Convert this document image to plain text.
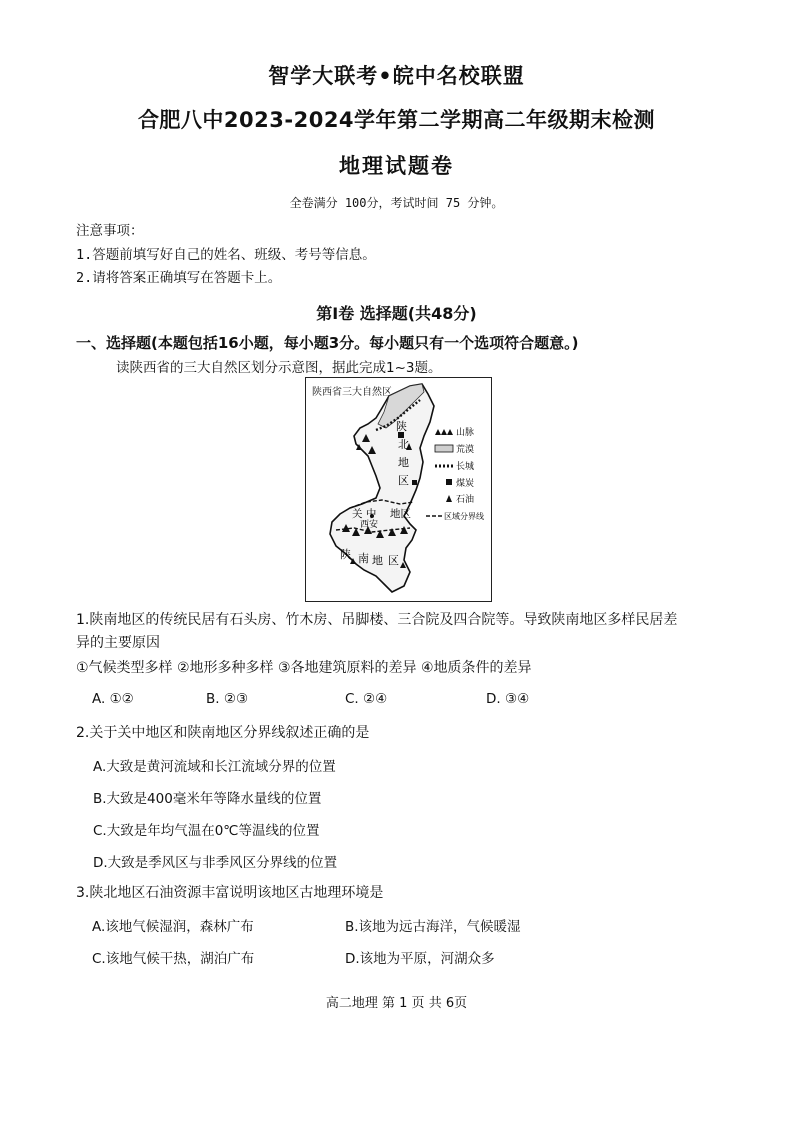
智学大联考•皖中名校联盟
合肥八中2023-2024学年第二学期高二年级期末检测
地理试题卷
全卷满分 100分，考试时间 75 分钟。
注意事项：
1.答题前填写好自己的姓名、班级、考号等信息。
2.请将答案正确填写在答题卡上。
第Ⅰ卷 选择题(共48分)
一、选择题(本题包括16小题，每小题3分。每小题只有一个选项符合题意。)
读陕西省的三大自然区划分示意图，据此完成1~3题。
陕西省三大自然区
陕
北
地
区
关 中 地区
西安
陕 南 地 区
山脉
荒漠
长城
煤炭
石油
区域分界线
1.陕南地区的传统民居有石头房、竹木房、吊脚楼、三合院及四合院等。导致陕南地区多样民居差
异的主要原因
①气候类型多样 ②地形多种多样 ③各地建筑原料的差异 ④地质条件的差异
A. ①②	B. ②③	C. ②④	D. ③④
2.关于关中地区和陕南地区分界线叙述正确的是
A.大致是黄河流域和长江流域分界的位置
B.大致是400毫米年等降水量线的位置
C.大致是年均气温在0℃等温线的位置
D.大致是季风区与非季风区分界线的位置
3.陕北地区石油资源丰富说明该地区古地理环境是
A.该地气候湿润，森林广布	B.该地为远古海洋，气候暖湿
C.该地气候干热，湖泊广布	D.该地为平原，河湖众多
高二地理 第 1 页 共 6页
